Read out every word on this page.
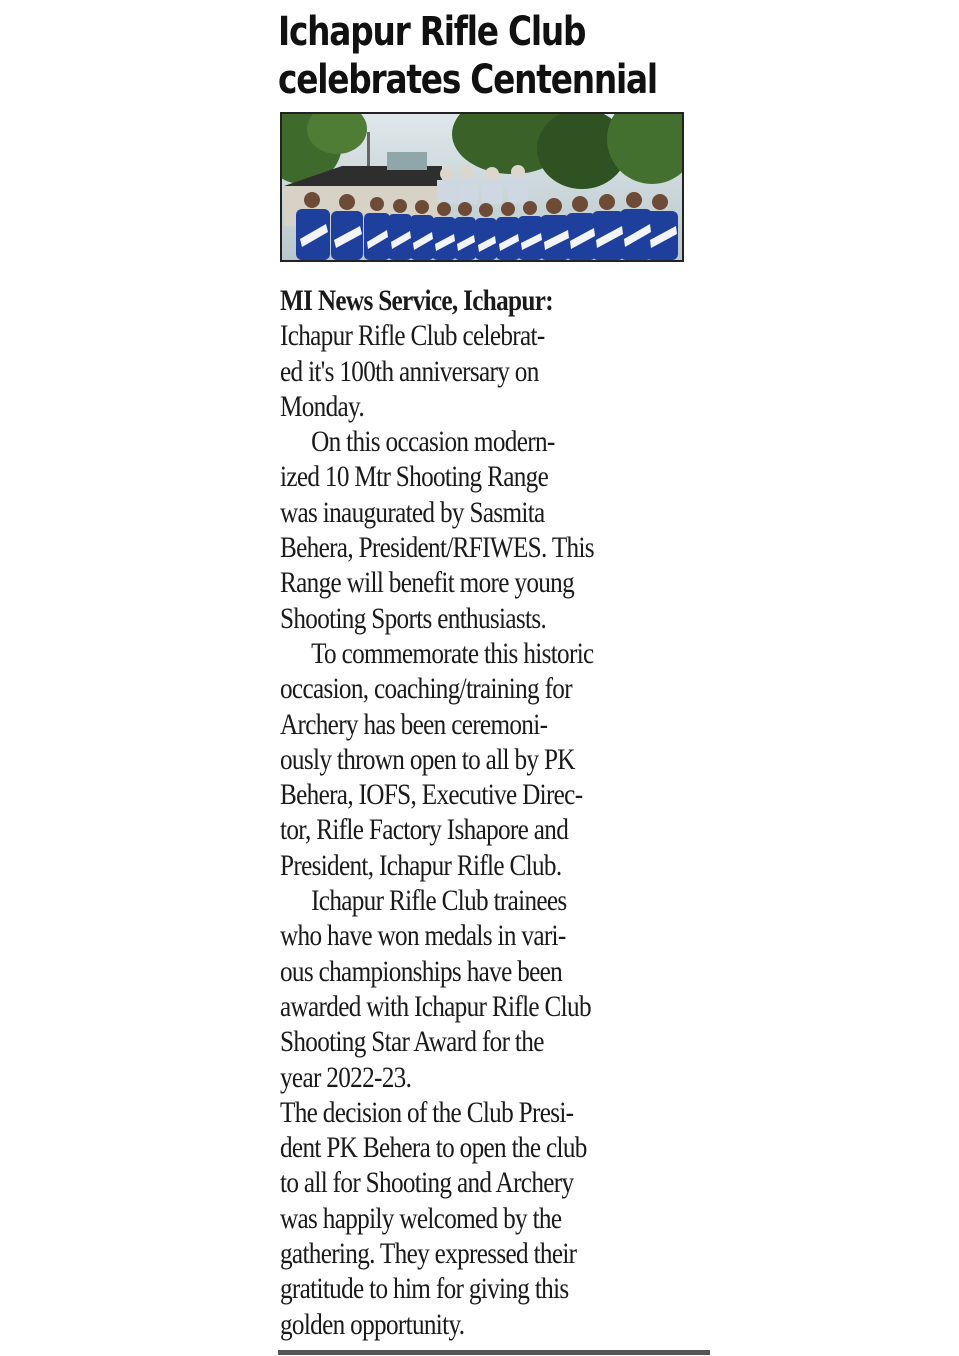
Ichapur Rifle Club
celebrates Centennial
MI News Service, Ichapur:
Ichapur Rifle Club celebrat-
ed it's 100th anniversary on
Monday.
On this occasion modern-
ized 10 Mtr Shooting Range
was inaugurated by Sasmita
Behera, President/RFIWES. This
Range will benefit more young
Shooting Sports enthusiasts.
To commemorate this historic
occasion, coaching/training for
Archery has been ceremoni-
ously thrown open to all by PK
Behera, IOFS, Executive Direc-
tor, Rifle Factory Ishapore and
President, Ichapur Rifle Club.
Ichapur Rifle Club trainees
who have won medals in vari-
ous championships have been
awarded with Ichapur Rifle Club
Shooting Star Award for the
year 2022-23.
The decision of the Club Presi-
dent PK Behera to open the club
to all for Shooting and Archery
was happily welcomed by the
gathering. They expressed their
gratitude to him for giving this
golden opportunity.
